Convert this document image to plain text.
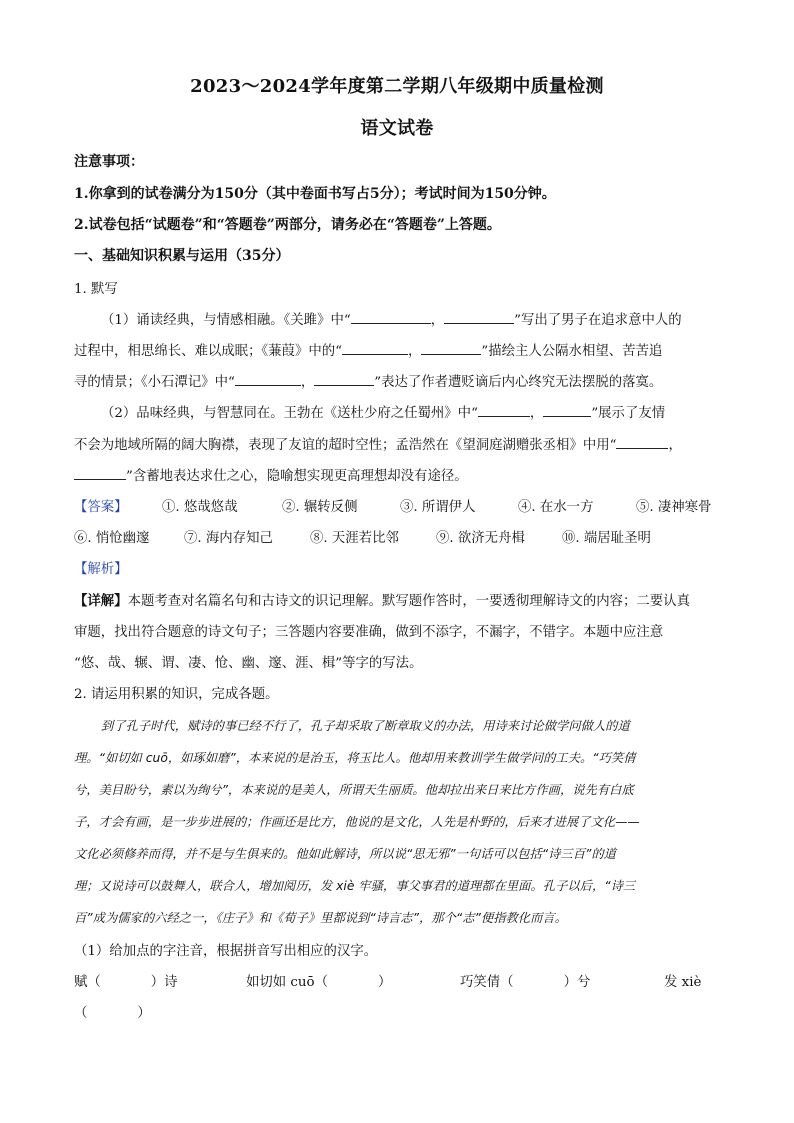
2023～2024学年度第二学期八年级期中质量检测
语文试卷
注意事项：
1.你拿到的试卷满分为150分（其中卷面书写占5分）；考试时间为150分钟。
2.试卷包括“试题卷”和“答题卷”两部分，请务必在“答题卷”上答题。
一、基础知识积累与运用（35分）
1. 默写
（1）诵读经典，与情感相融。《关雎》中“	，	”写出了男子在追求意中人的
过程中，相思绵长、难以成眠；《蒹葭》中的“	，	”描绘主人公隔水相望、苦苦追
寻的情景；《小石潭记》中“	，	”表达了作者遭贬谪后内心终究无法摆脱的落寞。
（2）品味经典，与智慧同在。王勃在《送杜少府之任蜀州》中“	，	”展示了友情
不会为地域所隔的阔大胸襟，表现了友谊的超时空性；孟浩然在《望洞庭湖赠张丞相》中用“	，
”含蓄地表达求仕之心，隐喻想实现更高理想却没有途径。
【答案】	①. 悠哉悠哉	②. 辗转反侧	③. 所谓伊人	④. 在水一方	⑤. 凄神寒骨
⑥. 悄怆幽邃	⑦. 海内存知己	⑧. 天涯若比邻	⑨. 欲济无舟楫	⑩. 端居耻圣明
【解析】
【详解】本题考查对名篇名句和古诗文的识记理解。默写题作答时，一要透彻理解诗文的内容；二要认真
审题，找出符合题意的诗文句子；三答题内容要准确，做到不添字，不漏字，不错字。本题中应注意
“悠、哉、辗、谓、凄、怆、幽、邃、涯、楫”等字的写法。
2. 请运用积累的知识，完成各题。
到了孔子时代，赋诗的事已经不行了，孔子却采取了断章取义的办法，用诗来讨论做学问做人的道
理。“如切如 cuō，如琢如磨”，本来说的是治玉，将玉比人。他却用来教训学生做学问的工夫。“巧笑倩
兮，美目盼兮，素以为绚兮”，本来说的是美人，所谓天生丽质。他却拉出来日来比方作画，说先有白底
子，才会有画，是一步步进展的；作画还是比方，他说的是文化，人先是朴野的，后来才进展了文化——
文化必须修养而得，并不是与生俱来的。他如此解诗，所以说“思无邪”一句话可以包括“诗三百”的道
理；又说诗可以鼓舞人，联合人，增加阅历，发 xiè 牢骚，事父事君的道理都在里面。孔子以后，“诗三
百”成为儒家的六经之一，《庄子》和《荀子》里都说到“诗言志”，那个“志”便指教化而言。
（1）给加点的字注音，根据拼音写出相应的汉字。
赋（	）诗	如切如 cuō（	）	巧笑倩（	）兮	发 xiè
（	）
